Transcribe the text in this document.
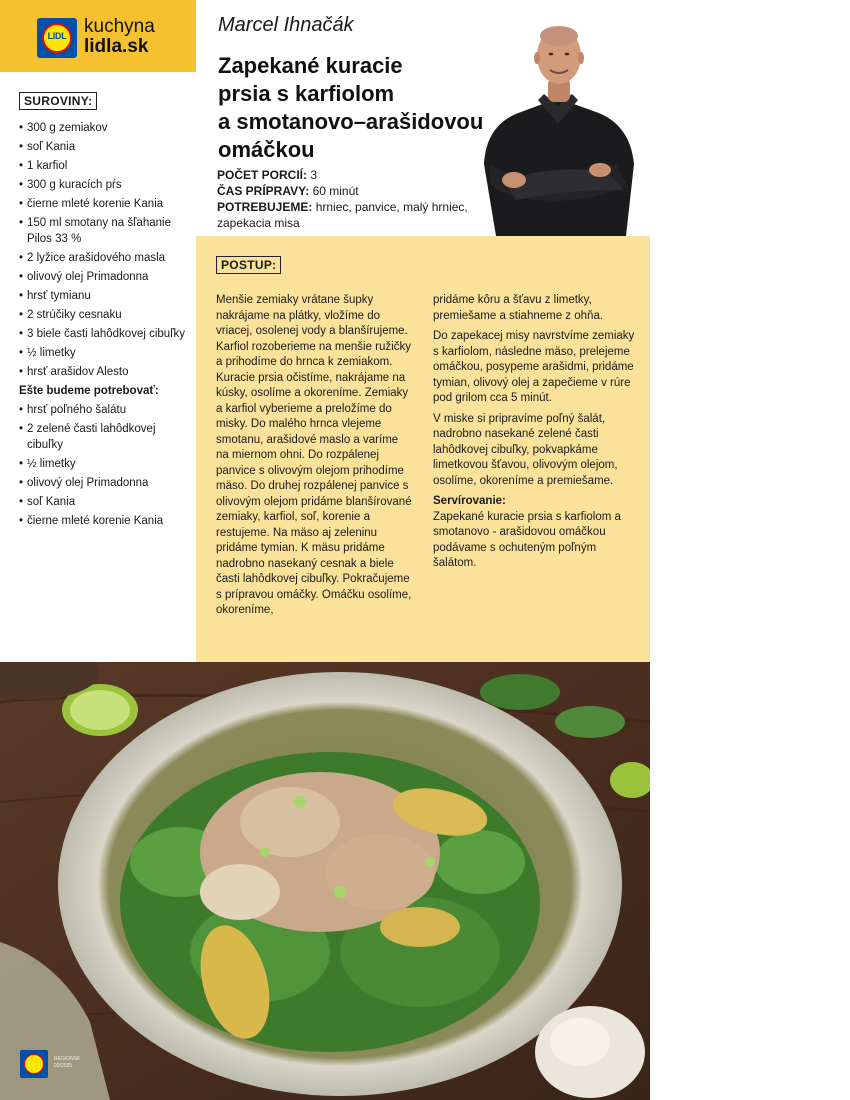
LIDL kuchyna
lidla.sk
Marcel Ihnačák
Zapekané kuracie
prsia s karfiolom
a smotanovo–arašidovou
omáčkou
POČET PORCIÍ: 3
ČAS PRÍPRAVY: 60 minút
POTREBUJEME: hrniec, panvice, malý hrniec, zapekacia misa
SUROVINY:
• 300 g zemiakov
• soľ Kania
• 1 karfiol
• 300 g kuracích pŕs
• čierne mleté korenie Kania
• 150 ml smotany na šľahanie Pilos 33 %
• 2 lyžice arašidového masla
• olivový olej Primadonna
• hrsť tymianu
• 2 strúčiky cesnaku
• 3 biele časti lahôdkovej cibuľky
• ½ limetky
• hrsť arašidov Alesto
Ešte budeme potrebovať:
• hrsť poľného šalátu
• 2 zelené časti lahôdkovej cibuľky
• ½ limetky
• olivový olej Primadonna
• soľ Kania
• čierne mleté korenie Kania
POSTUP:

Menšie zemiaky vrátane šupky nakrájame na plátky, vložíme do vriacej, osolenej vody a blanšírujeme. Karfiol rozoberieme na menšie ružičky a prihodíme do hrnca k zemiakom. Kuracie prsia očistíme, nakrájame na kúsky, osolíme a okoreníme. Zemiaky a karfiol vyberieme a preložíme do misky. Do malého hrnca vlejeme smotanu, arašidové maslo a varíme na miernom ohni. Do rozpálenej panvice s olivovým olejom prihodíme mäso. Do druhej rozpálenej panvice s olivovým olejom pridáme blanšírované zemiaky, karfiol, soľ, korenie a restujeme. Na mäso aj zeleninu pridáme tymian. K mäsu pridáme nadrobno nasekaný cesnak a biele časti lahôdkovej cibuľky. Pokračujeme s prípravou omáčky. Omáčku osolíme, okoreníme,

pridáme kôru a šťavu z limetky, premiešame a stiahneme z ohňa.

Do zapekacej misy navrstvíme zemiaky s karfiolom, následne mäso, prelejeme omáčkou, posypeme arašidmi, pridáme tymian, olivový olej a zapečieme v rúre pod grilom cca 5 minút.

V miske si pripravíme poľný šalát, nadrobno nasekané zelené časti lahôdkovej cibuľky, pokvapkáme limetkovou šťavou, olivovým olejom, osolíme, okoreníme a premiešame.

Servírovanie:

Zapekané kuracie prsia s karfiolom a smotanovo - arašidovou omáčkou podávame s ochuteným poľným šalátom.

REGIONSK
00/2025
